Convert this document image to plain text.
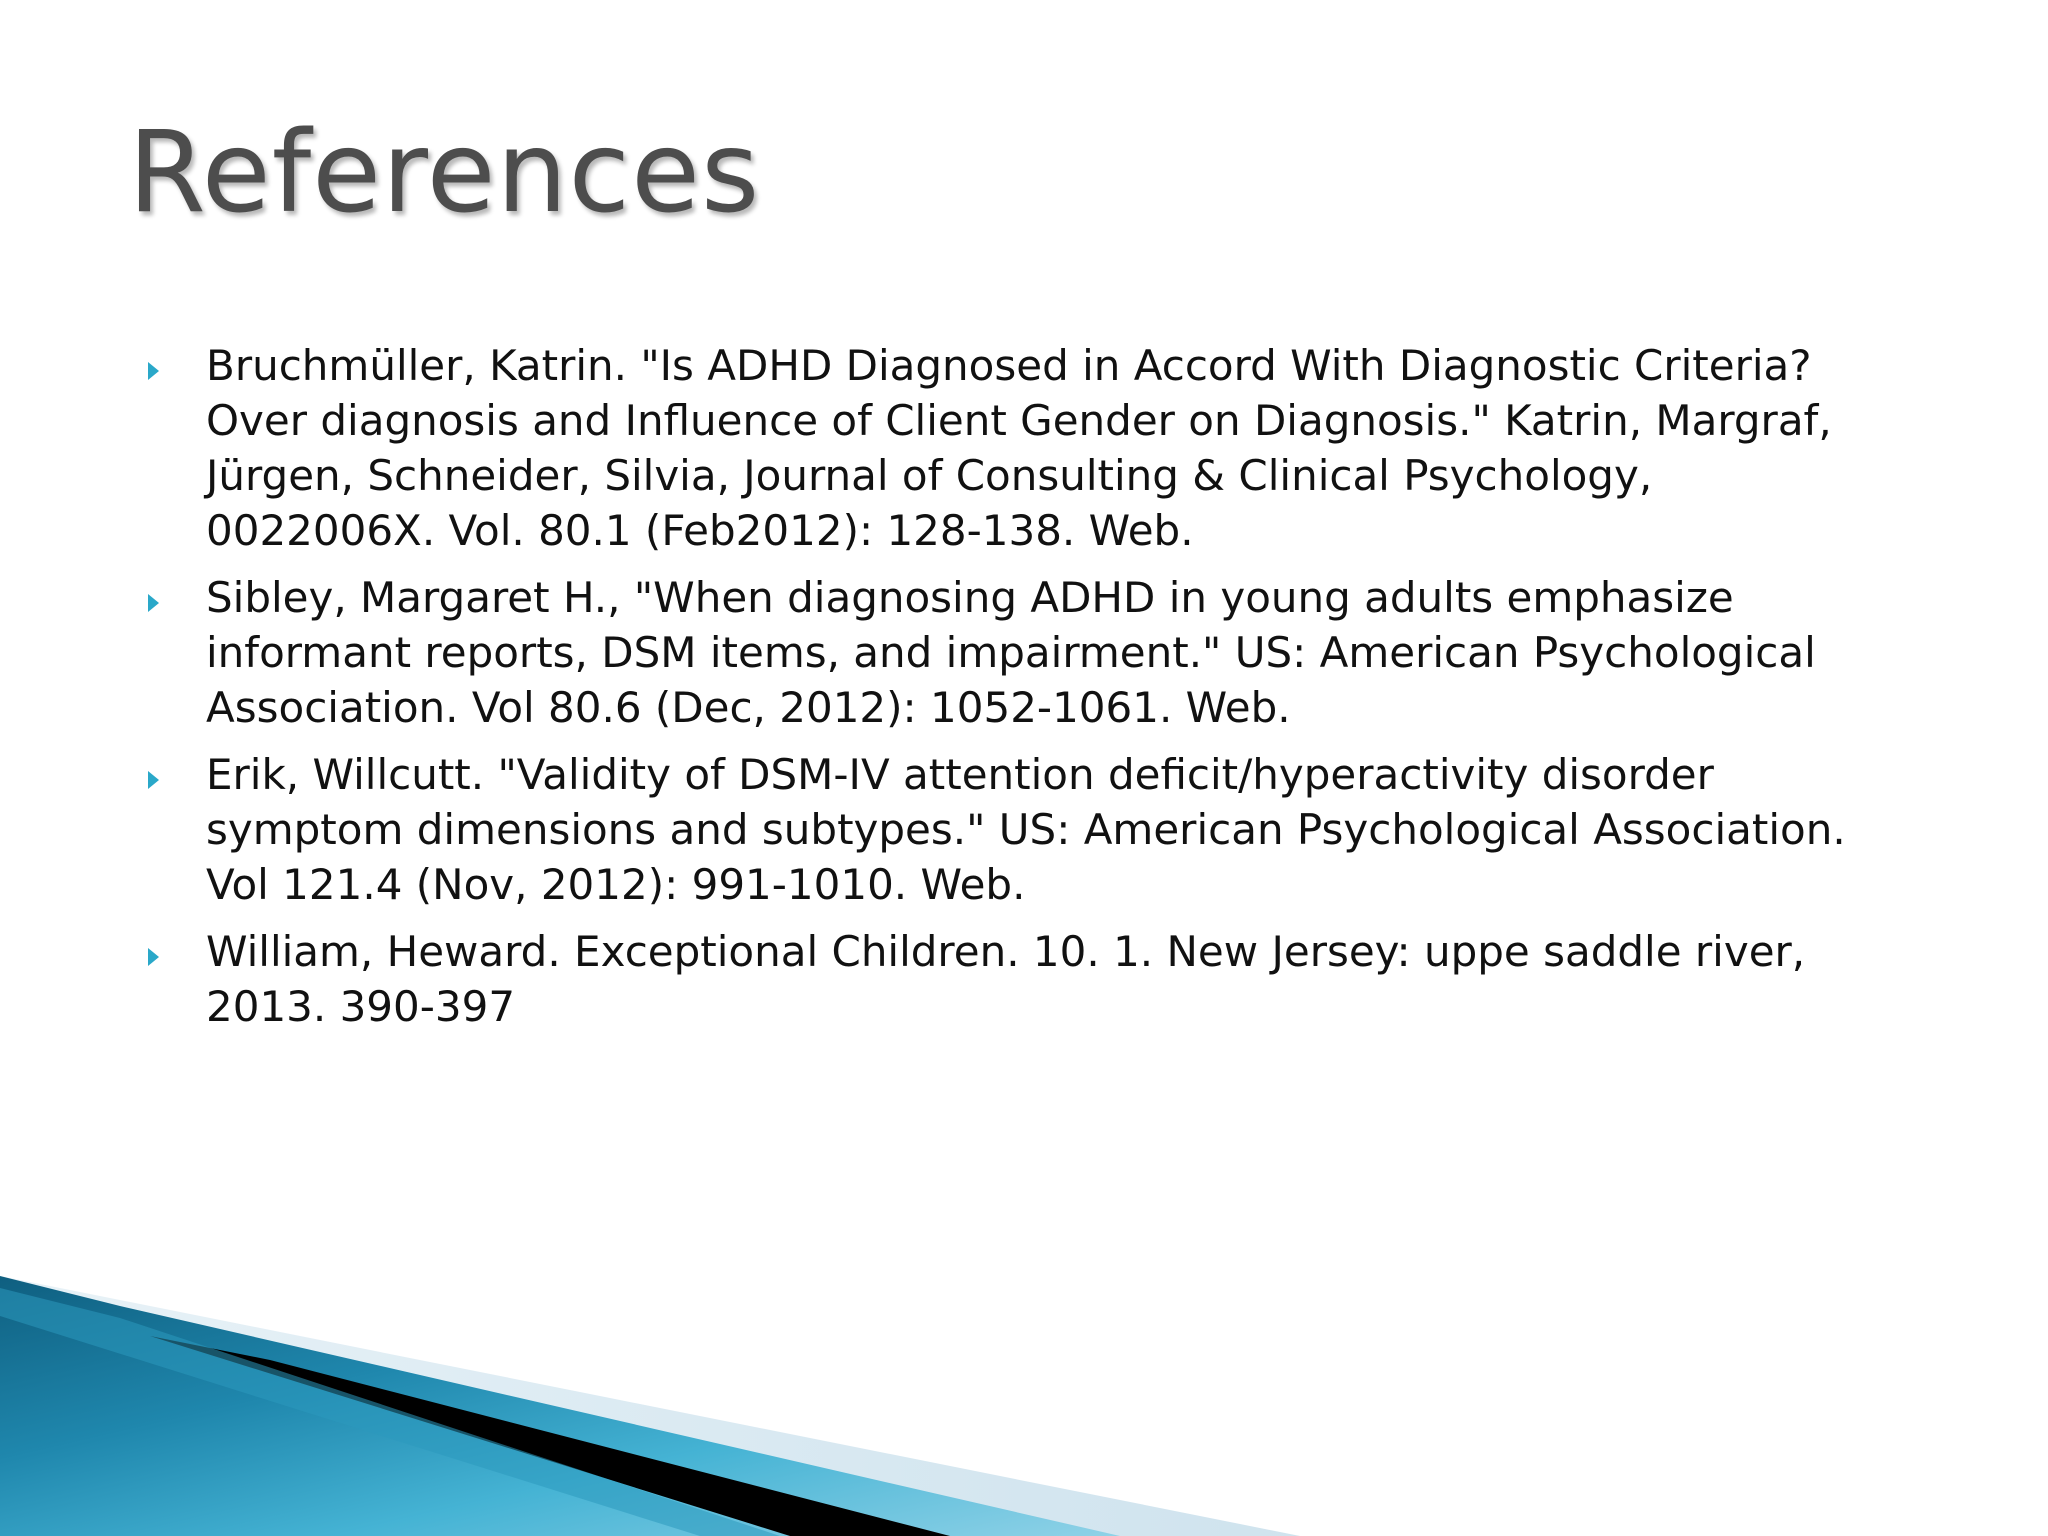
References
Bruchmüller, Katrin. "Is ADHD Diagnosed in Accord With Diagnostic Criteria?
Over diagnosis and Influence of Client Gender on Diagnosis." Katrin, Margraf,
Jürgen, Schneider, Silvia, Journal of Consulting & Clinical Psychology,
0022006X. Vol. 80.1 (Feb2012): 128-138. Web.
Sibley, Margaret H., "When diagnosing ADHD in young adults emphasize
informant reports, DSM items, and impairment." US: American Psychological
Association. Vol 80.6 (Dec, 2012): 1052-1061. Web.
Erik, Willcutt. "Validity of DSM-IV attention deficit/hyperactivity disorder
symptom dimensions and subtypes." US: American Psychological Association.
Vol 121.4 (Nov, 2012): 991-1010. Web.
William, Heward. Exceptional Children. 10. 1. New Jersey: uppe saddle river,
2013. 390-397
